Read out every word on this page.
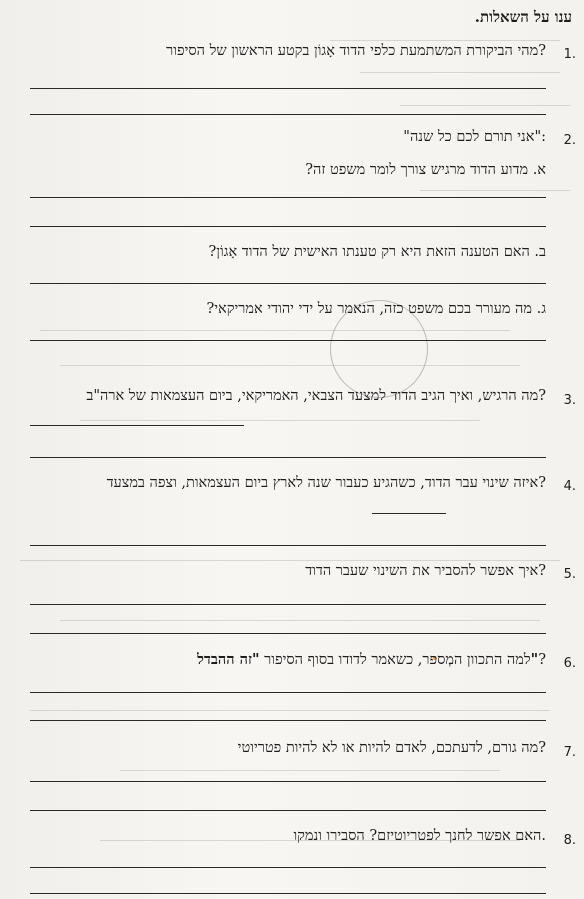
ענו על השאלות.
1.
מהי הביקורת המשתמעת כלפי הדוד אָגוֹן בקטע הראשון של הסיפור?
2.
"אני תורם לכם כל שנה":
א. מדוע הדוד מרגיש צורך לומר משפט זה?
ב. האם הטענה הזאת היא רק טענתו האישית של הדוד אָגוֹן?
ג. מה מעורר בכם משפט כזה, הנאמר על ידי יהודי אמריקאי?
3.
מה הרגיש, ואיך הגיב הדוד למצעד הצבאי, האמריקאי, ביום העצמאות של ארה"ב?
4.
איזה שינוי עבר הדוד, כשהגיע כעבור שנה לארץ ביום העצמאות, וצפה במצעד?
5.
איך אפשר להסביר את השינוי שעבר הדוד?
6.
למה התכוון המְספר, כשאמר לדודו בסוף הסיפור "זה ההבדל"?
7.
מה גורם, לדעתכם, לאדם להיות או לא להיות פטריוטי?
8.
האם אפשר לחנך לפטריוטיזם? הסבירו ונמקו.
